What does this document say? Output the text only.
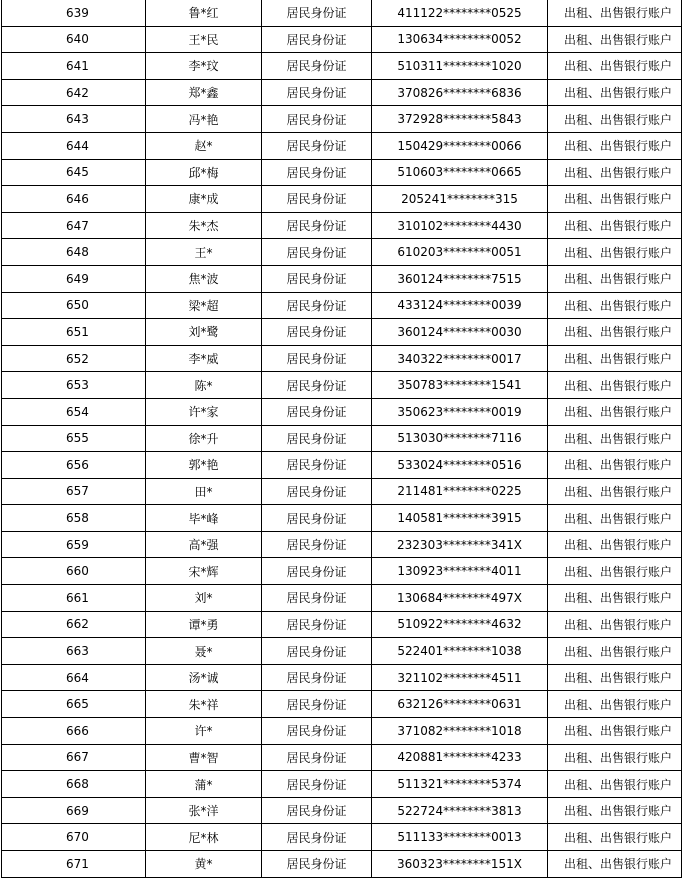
639	鲁*红	居民身份证	411122********0525	出租、出售银行账户
640	王*民	居民身份证	130634********0052	出租、出售银行账户
641	李*玟	居民身份证	510311********1020	出租、出售银行账户
642	郑*鑫	居民身份证	370826********6836	出租、出售银行账户
643	冯*艳	居民身份证	372928********5843	出租、出售银行账户
644	赵*	居民身份证	150429********0066	出租、出售银行账户
645	邱*梅	居民身份证	510603********0665	出租、出售银行账户
646	康*成	居民身份证	205241********315	出租、出售银行账户
647	朱*杰	居民身份证	310102********4430	出租、出售银行账户
648	王*	居民身份证	610203********0051	出租、出售银行账户
649	焦*波	居民身份证	360124********7515	出租、出售银行账户
650	梁*超	居民身份证	433124********0039	出租、出售银行账户
651	刘*鹭	居民身份证	360124********0030	出租、出售银行账户
652	李*威	居民身份证	340322********0017	出租、出售银行账户
653	陈*	居民身份证	350783********1541	出租、出售银行账户
654	许*家	居民身份证	350623********0019	出租、出售银行账户
655	徐*升	居民身份证	513030********7116	出租、出售银行账户
656	郭*艳	居民身份证	533024********0516	出租、出售银行账户
657	田*	居民身份证	211481********0225	出租、出售银行账户
658	毕*峰	居民身份证	140581********3915	出租、出售银行账户
659	高*强	居民身份证	232303********341X	出租、出售银行账户
660	宋*辉	居民身份证	130923********4011	出租、出售银行账户
661	刘*	居民身份证	130684********497X	出租、出售银行账户
662	谭*勇	居民身份证	510922********4632	出租、出售银行账户
663	聂*	居民身份证	522401********1038	出租、出售银行账户
664	汤*诚	居民身份证	321102********4511	出租、出售银行账户
665	朱*祥	居民身份证	632126********0631	出租、出售银行账户
666	许*	居民身份证	371082********1018	出租、出售银行账户
667	曹*智	居民身份证	420881********4233	出租、出售银行账户
668	蒲*	居民身份证	511321********5374	出租、出售银行账户
669	张*洋	居民身份证	522724********3813	出租、出售银行账户
670	尼*林	居民身份证	511133********0013	出租、出售银行账户
671	黄*	居民身份证	360323********151X	出租、出售银行账户
